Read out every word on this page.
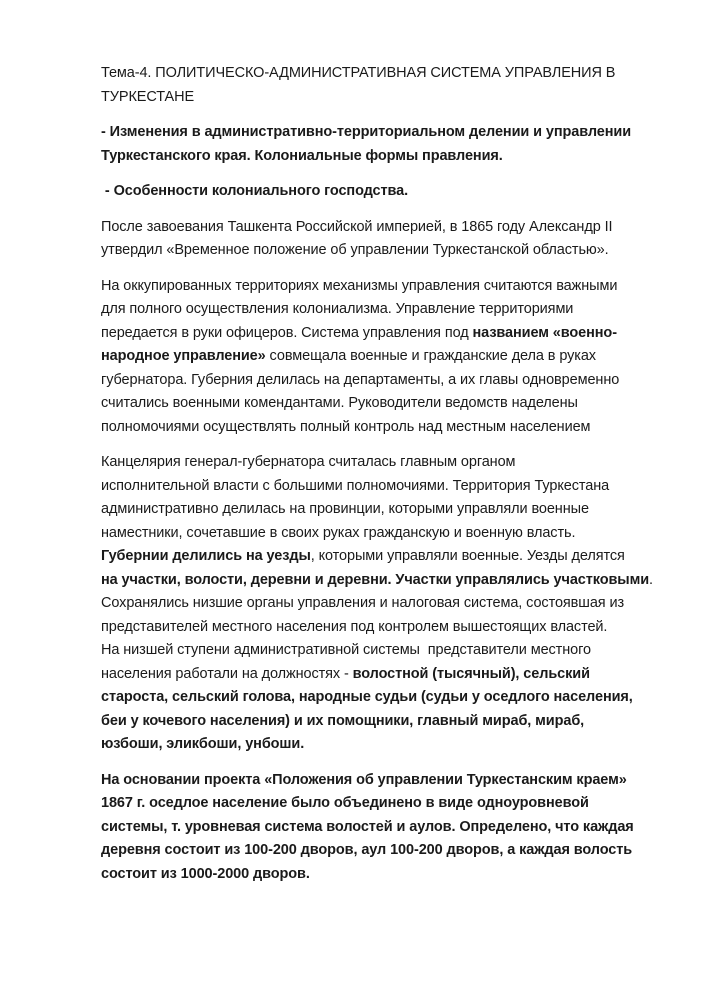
Тема-4. ПОЛИТИЧЕСКО-АДМИНИСТРАТИВНАЯ СИСТЕМА УПРАВЛЕНИЯ В
ТУРКЕСТАНЕ
- Изменения в административно-территориальном делении и управлении
Туркестанского края. Колониальные формы правления.
- Особенности колониального господства.
После завоевания Ташкента Российской империей, в 1865 году Александр II
утвердил «Временное положение об управлении Туркестанской областью».
На оккупированных территориях механизмы управления считаются важными
для полного осуществления колониализма. Управление территориями
передается в руки офицеров. Система управления под названием «военно-
народное управление» совмещала военные и гражданские дела в руках
губернатора. Губерния делилась на департаменты, а их главы одновременно
считались военными комендантами. Руководители ведомств наделены
полномочиями осуществлять полный контроль над местным населением
Канцелярия генерал-губернатора считалась главным органом
исполнительной власти с большими полномочиями. Территория Туркестана
административно делилась на провинции, которыми управляли военные
наместники, сочетавшие в своих руках гражданскую и военную власть.
Губернии делились на уезды, которыми управляли военные. Уезды делятся
на участки, волости, деревни и деревни. Участки управлялись участковыми.
Сохранялись низшие органы управления и налоговая система, состоявшая из
представителей местного населения под контролем вышестоящих властей.
На низшей ступени административной системы  представители местного
населения работали на должностях - волостной (тысячный), сельский
староста, сельский голова, народные судьи (судьи у оседлого населения,
беи у кочевого населения) и их помощники, главный мираб, мираб,
юзбоши, эликбоши, унбоши.
На основании проекта «Положения об управлении Туркестанским краем»
1867 г. оседлое население было объединено в виде одноуровневой
системы, т. уровневая система волостей и аулов. Определено, что каждая
деревня состоит из 100-200 дворов, аул 100-200 дворов, а каждая волость
состоит из 1000-2000 дворов.
